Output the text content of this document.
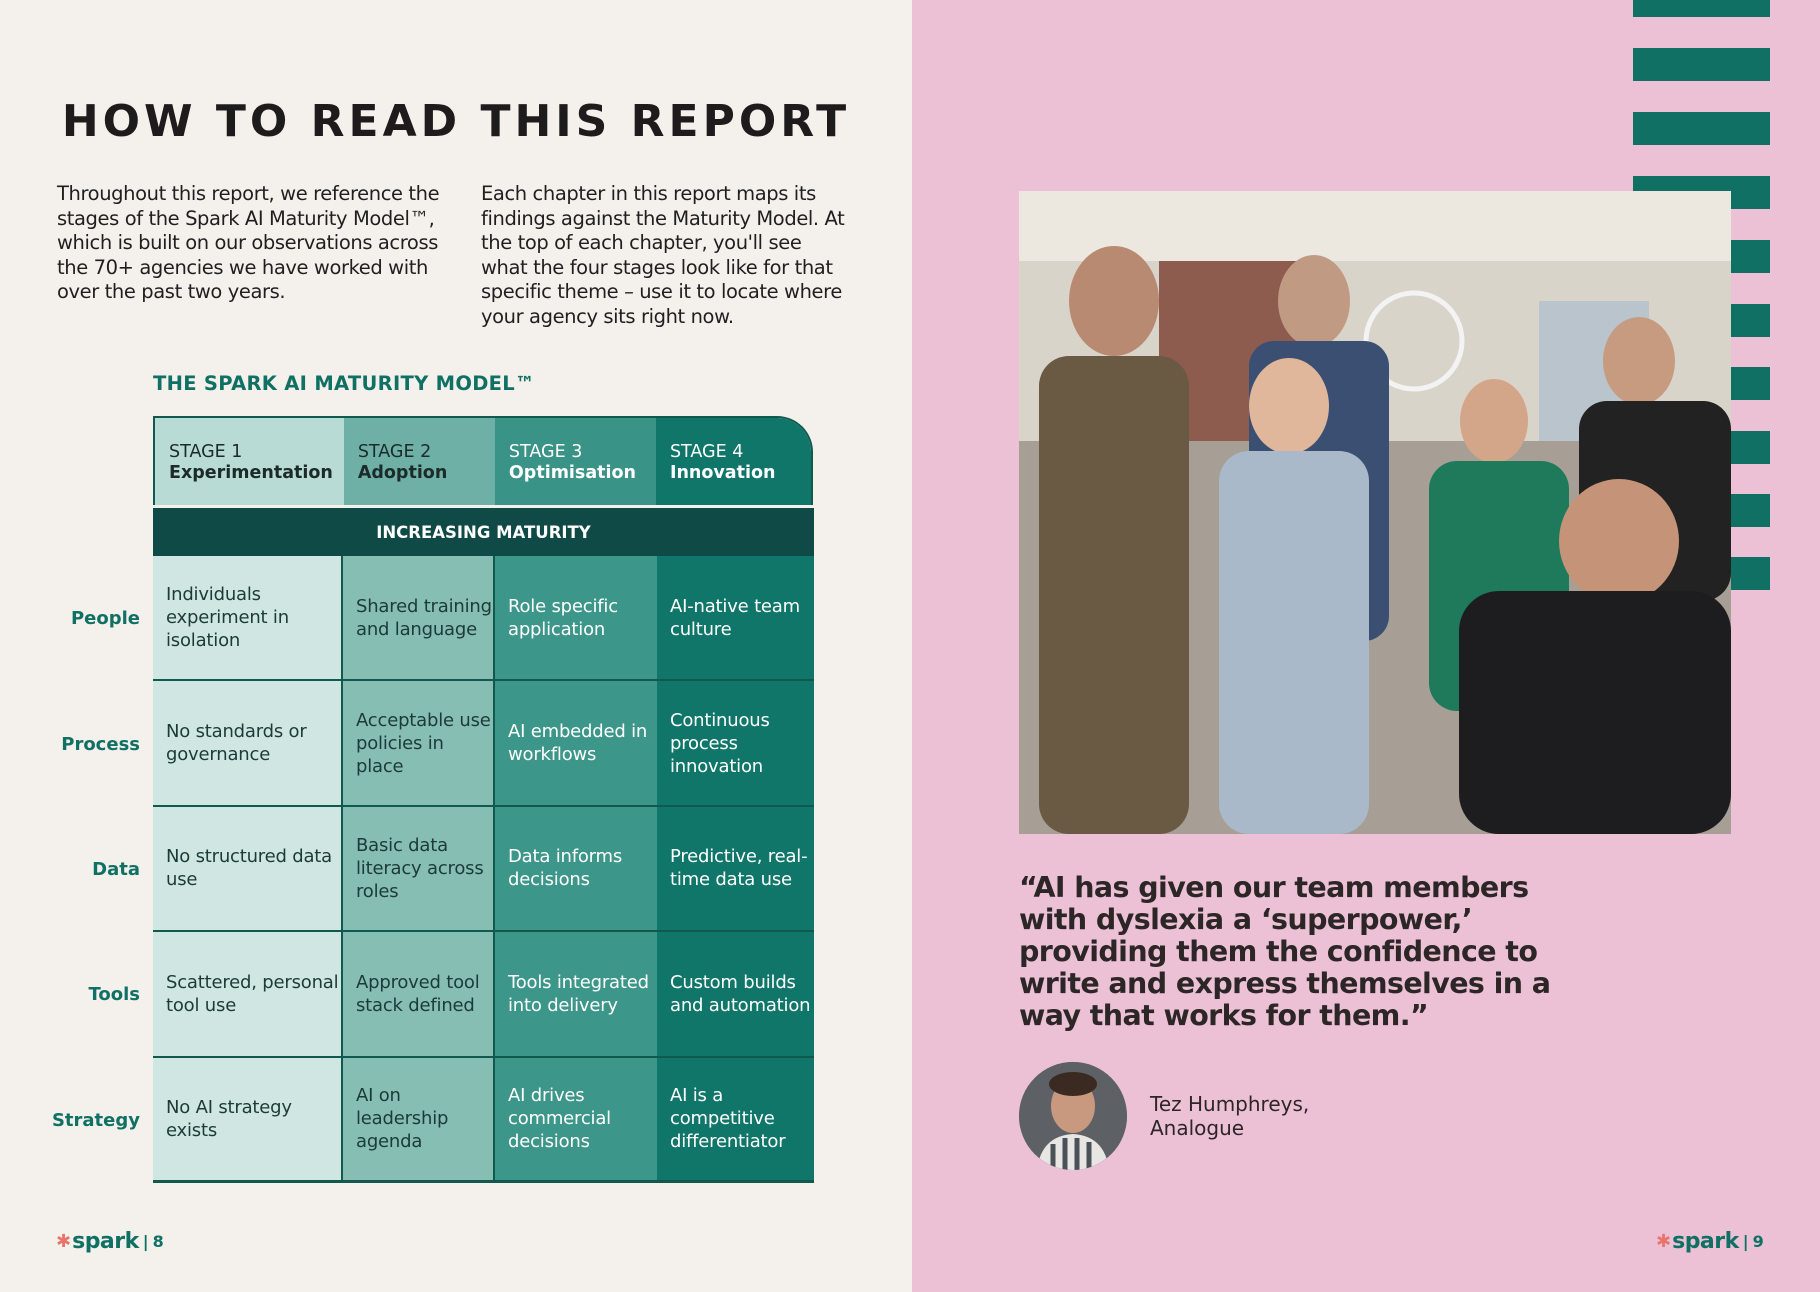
HOW TO READ THIS REPORT

Throughout this report, we reference the stages of the Spark AI Maturity Model™, which is built on our observations across the 70+ agencies we have worked with over the past two years.

Each chapter in this report maps its findings against the Maturity Model. At the top of each chapter, you'll see what the four stages look like for that specific theme – use it to locate where your agency sits right now.

THE SPARK AI MATURITY MODEL™
STAGE 1
Experimentation
STAGE 2
Adoption
STAGE 3
Optimisation
STAGE 4
Innovation
INCREASING MATURITY
People
Process
Data
Tools
Strategy
Individuals experiment in isolation
Shared training and language
Role specific application
AI-native team culture
No standards or governance
Acceptable use policies in place
AI embedded in workflows
Continuous process innovation
No structured data use
Basic data literacy across roles
Data informs decisions
Predictive, real-time data use
Scattered, personal tool use
Approved tool stack defined
Tools integrated into delivery
Custom builds and automation
No AI strategy exists
AI on leadership agenda
AI drives commercial decisions
AI is a competitive differentiator
✱ spark | 8

“AI has given our team members with dyslexia a ‘superpower,’ providing them the confidence to write and express themselves in a way that works for them.”

Tez Humphreys,
Analogue
✱ spark | 9
